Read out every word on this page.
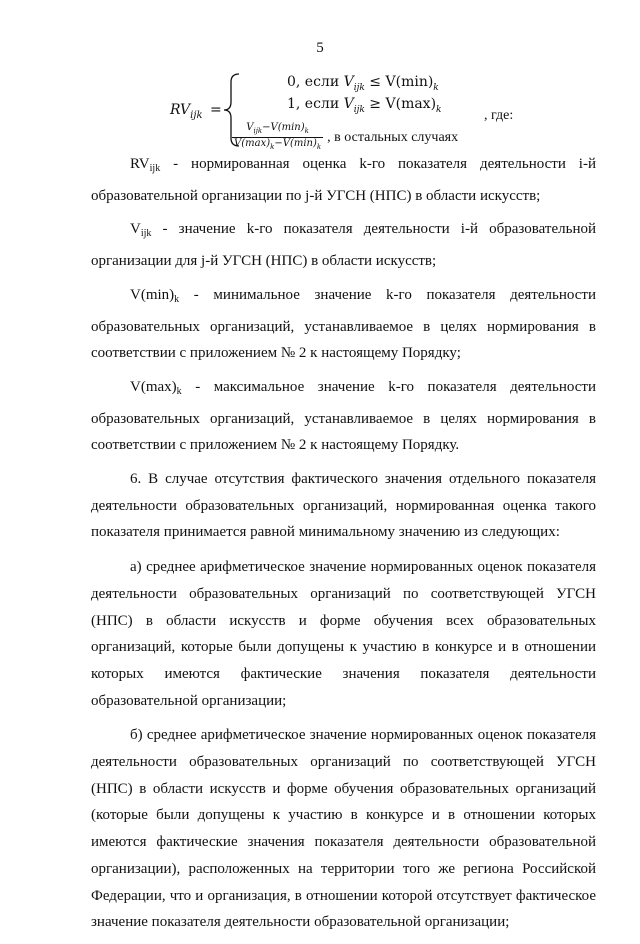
5
$RV_{ijk}$ =
0, если $V_{ijk} \le V(\min)_k$
1, если $V_{ijk} \ge V(\max)_k$
$\frac{V_{ijk}-V(\min)_k}{V(\max)_k-V(\min)_k}$ , в остальных случаях
, где:

$RV_{ijk}$ - нормированная оценка k-го показателя деятельности i-й образовательной организации по j-й УГСН (НПС) в области искусств;

$V_{ijk}$ - значение k-го показателя деятельности i-й образовательной организации для j-й УГСН (НПС) в области искусств;

$V(\min)_k$ - минимальное значение k-го показателя деятельности образовательных организаций, устанавливаемое в целях нормирования в соответствии с приложением № 2 к настоящему Порядку;

$V(\max)_k$ - максимальное значение k-го показателя деятельности образовательных организаций, устанавливаемое в целях нормирования в соответствии с приложением № 2 к настоящему Порядку.

6. В случае отсутствия фактического значения отдельного показателя деятельности образовательных организаций, нормированная оценка такого показателя принимается равной минимальному значению из следующих:

а) среднее арифметическое значение нормированных оценок показателя деятельности образовательных организаций по соответствующей УГСН (НПС) в области искусств и форме обучения всех образовательных организаций, которые были допущены к участию в конкурсе и в отношении которых имеются фактические значения показателя деятельности образовательной организации;

б) среднее арифметическое значение нормированных оценок показателя деятельности образовательных организаций по соответствующей УГСН (НПС) в области искусств и форме обучения образовательных организаций (которые были допущены к участию в конкурсе и в отношении которых имеются фактические значения показателя деятельности образовательной организации), расположенных на территории того же региона Российской Федерации, что и организация, в отношении которой отсутствует фактическое значение показателя деятельности образовательной организации;
